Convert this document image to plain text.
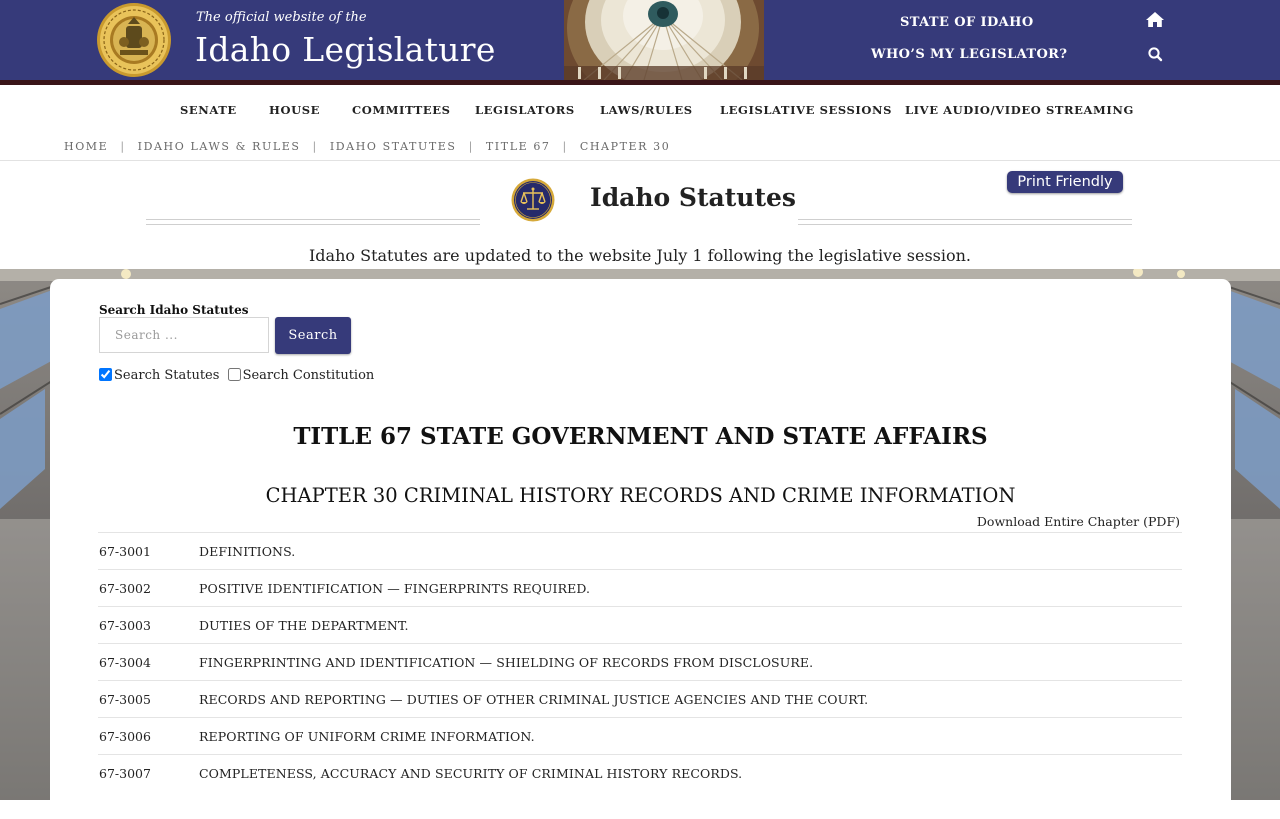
The official website of the
Idaho Legislature
STATE OF IDAHO
WHO’S MY LEGISLATOR?
SENATE	HOUSE	COMMITTEES LEGISLATORS LAWS/RULES LEGISLATIVE SESSIONS LIVE AUDIO/VIDEO STREAMING
HOME | IDAHO LAWS & RULES | IDAHO STATUTES | TITLE 67 | CHAPTER 30
Idaho Statutes
Print Friendly
Idaho Statutes are updated to the website July 1 following the legislative session.
Search Idaho Statutes
Search ...
Search
Search Statutes Search Constitution
TITLE 67 STATE GOVERNMENT AND STATE AFFAIRS
CHAPTER 30 CRIMINAL HISTORY RECORDS AND CRIME INFORMATION
Download Entire Chapter (PDF)
67-3001	DEFINITIONS.
67-3002	POSITIVE IDENTIFICATION — FINGERPRINTS REQUIRED.
67-3003	DUTIES OF THE DEPARTMENT.
67-3004	FINGERPRINTING AND IDENTIFICATION — SHIELDING OF RECORDS FROM DISCLOSURE.
67-3005	RECORDS AND REPORTING — DUTIES OF OTHER CRIMINAL JUSTICE AGENCIES AND THE COURT.
67-3006	REPORTING OF UNIFORM CRIME INFORMATION.
67-3007	COMPLETENESS, ACCURACY AND SECURITY OF CRIMINAL HISTORY RECORDS.
